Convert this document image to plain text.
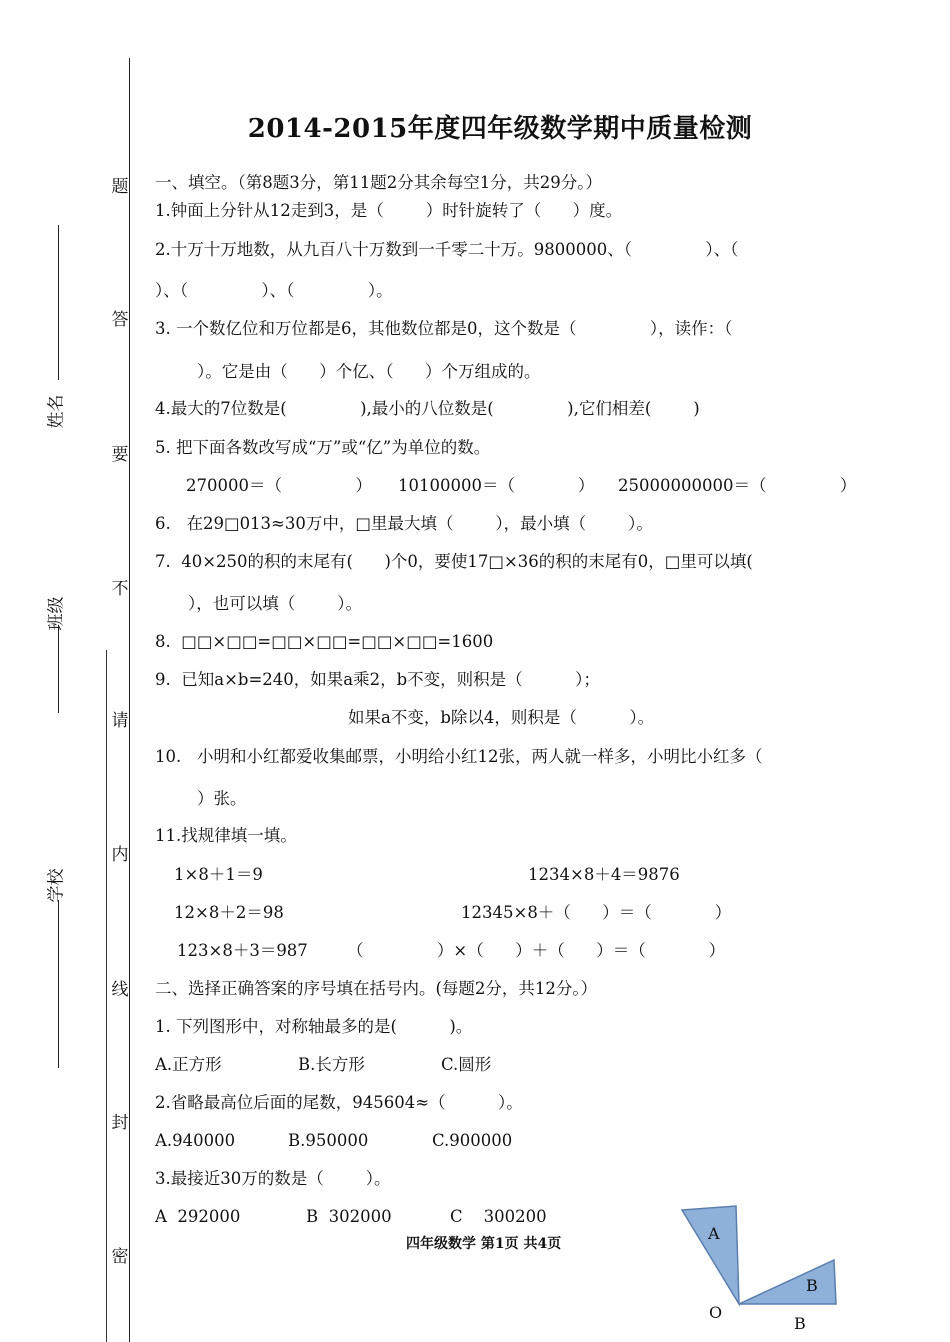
题
答
要
不
请
内
线
封
密
姓名
班级
学校
2014-2015年度四年级数学期中质量检测
一、填空。（第8题3分，第11题2分其余每空1分，共29分。）
1.钟面上分针从12走到3，是（        ）时针旋转了（      ）度。
2.十万十万地数，从九百八十万数到一千零二十万。9800000、（              ）、（
）、（              ）、（              ）。
3. 一个数亿位和万位都是6，其他数位都是0，这个数是（              ），读作：（
）。它是由（      ）个亿、（      ）个万组成的。
4.最大的7位数是(              ),最小的八位数是(              ),它们相差(        )
5. 把下面各数改写成“万”或“亿”为单位的数。
270000＝（              ） 10100000＝（            ） 25000000000＝（              ）
6.   在29□013≈30万中，□里最大填（        ），最小填（        ）。
7.  40×250的积的末尾有(      )个0，要使17□×36的积的末尾有0，□里可以填(
），也可以填（        ）。
8.  □□×□□=□□×□□=□□×□□=1600
9.  已知a×b=240，如果a乘2，b不变，则积是（          ）；
如果a不变，b除以4，则积是（          ）。
10.   小明和小红都爱收集邮票，小明给小红12张，两人就一样多，小明比小红多（
）张。
11.找规律填一填。
1×8＋1＝9	1234×8＋4＝9876
12×8＋2＝98	12345×8＋（      ）＝（            ）
123×8＋3＝987 （              ）×（      ）＋（      ）＝（            ）
二、选择正确答案的序号填在括号内。(每题2分，共12分。）
1. 下列图形中，对称轴最多的是(          )。
A.正方形	B.长方形	C.圆形
2.省略最高位后面的尾数，945604≈（          ）。
A.940000	B.950000	C.900000
3.最接近30万的数是（        ）。
A  292000	B  302000	C    300200
四年级数学 第1页 共4页
A
B
O
B
